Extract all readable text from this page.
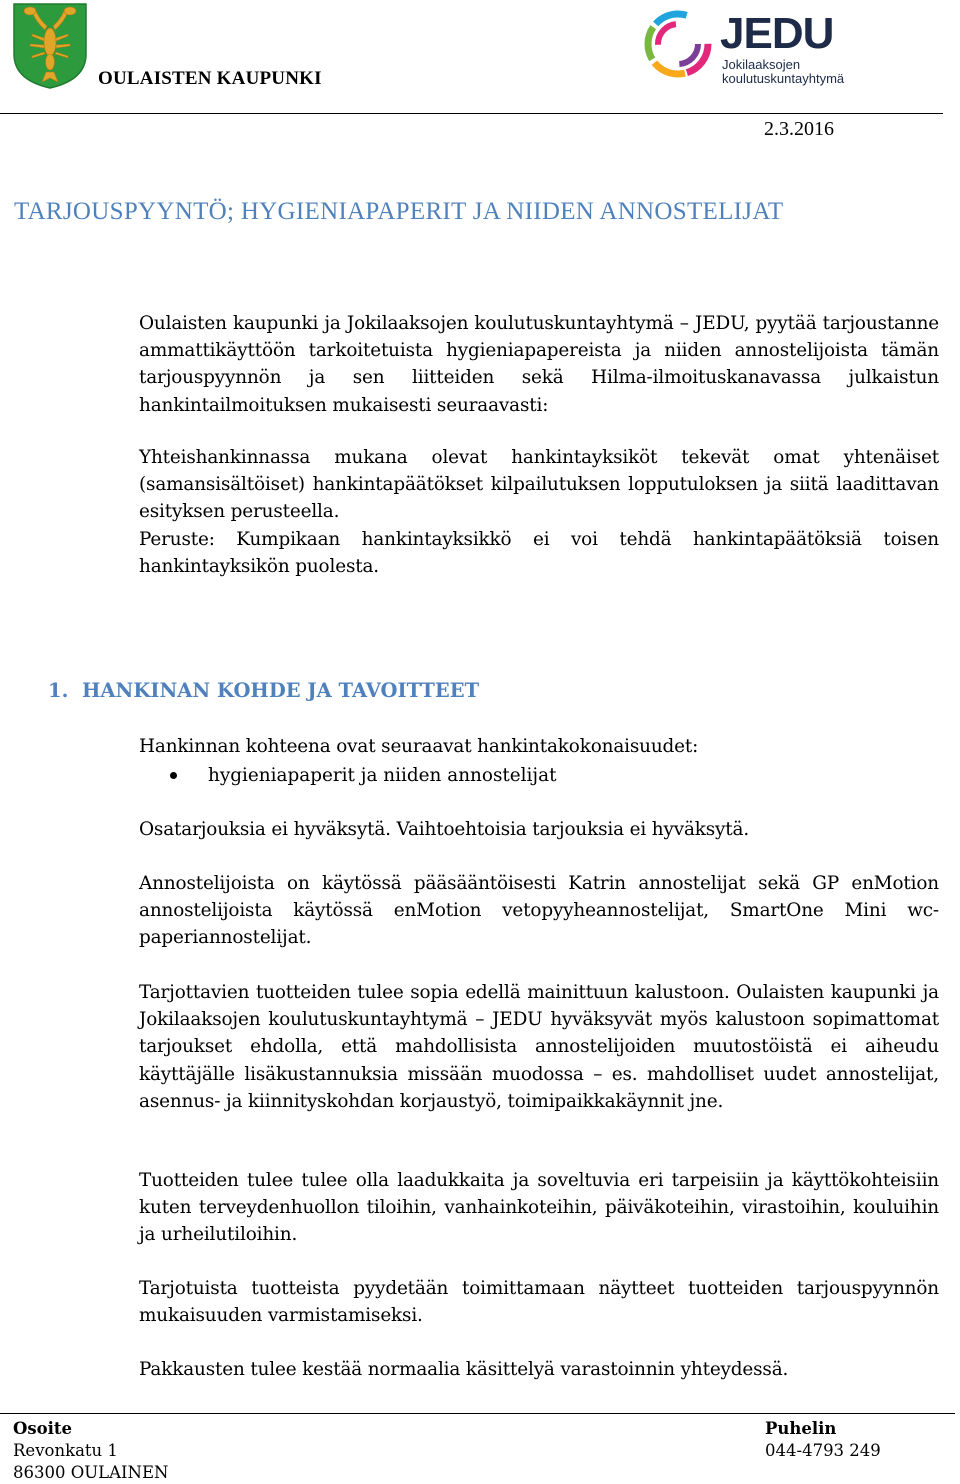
OULAISTEN KAUPUNKI
JEDU
Jokilaaksojen
koulutuskuntayhtymä
2.3.2016
TARJOUSPYYNTÖ; HYGIENIAPAPERIT JA NIIDEN ANNOSTELIJAT

Oulaisten kaupunki ja Jokilaaksojen koulutuskuntayhtymä – JEDU, pyytää tarjoustanne ammattikäyttöön tarkoitetuista hygieniapapereista ja niiden annostelijoista tämän tarjouspyynnön ja sen liitteiden sekä Hilma-ilmoituskanavassa julkaistun hankintailmoituksen mukaisesti seuraavasti:

Yhteishankinnassa mukana olevat hankintayksiköt tekevät omat yhtenäiset (samansisältöiset) hankintapäätökset kilpailutuksen lopputuloksen ja siitä laadittavan esityksen perusteella.

Peruste: Kumpikaan hankintayksikkö ei voi tehdä hankintapäätöksiä toisen hankintayksikön puolesta.

1. HANKINAN KOHDE JA TAVOITTEET

Hankinnan kohteena ovat seuraavat hankintakokonaisuudet:

hygieniapaperit ja niiden annostelijat

Osatarjouksia ei hyväksytä. Vaihtoehtoisia tarjouksia ei hyväksytä.

Annostelijoista on käytössä pääsääntöisesti Katrin annostelijat sekä GP enMotion annostelijoista käytössä enMotion vetopyyheannostelijat, SmartOne Mini wc-paperiannostelijat.

Tarjottavien tuotteiden tulee sopia edellä mainittuun kalustoon. Oulaisten kaupunki ja Jokilaaksojen koulutuskuntayhtymä – JEDU hyväksyvät myös kalustoon sopimattomat tarjoukset ehdolla, että mahdollisista annostelijoiden muutostöistä ei aiheudu käyttäjälle lisäkustannuksia missään muodossa – es. mahdolliset uudet annostelijat, asennus- ja kiinnityskohdan korjaustyö, toimipaikkakäynnit jne.

Tuotteiden tulee tulee olla laadukkaita ja soveltuvia eri tarpeisiin ja käyttökohteisiin kuten terveydenhuollon tiloihin, vanhainkoteihin, päiväkoteihin, virastoihin, kouluihin ja urheilutiloihin.

Tarjotuista tuotteista pyydetään toimittamaan näytteet tuotteiden tarjouspyynnön mukaisuuden varmistamiseksi.

Pakkausten tulee kestää normaalia käsittelyä varastoinnin yhteydessä.

Osoite
Revonkatu 1
86300 OULAINEN
Puhelin
044-4793 249
